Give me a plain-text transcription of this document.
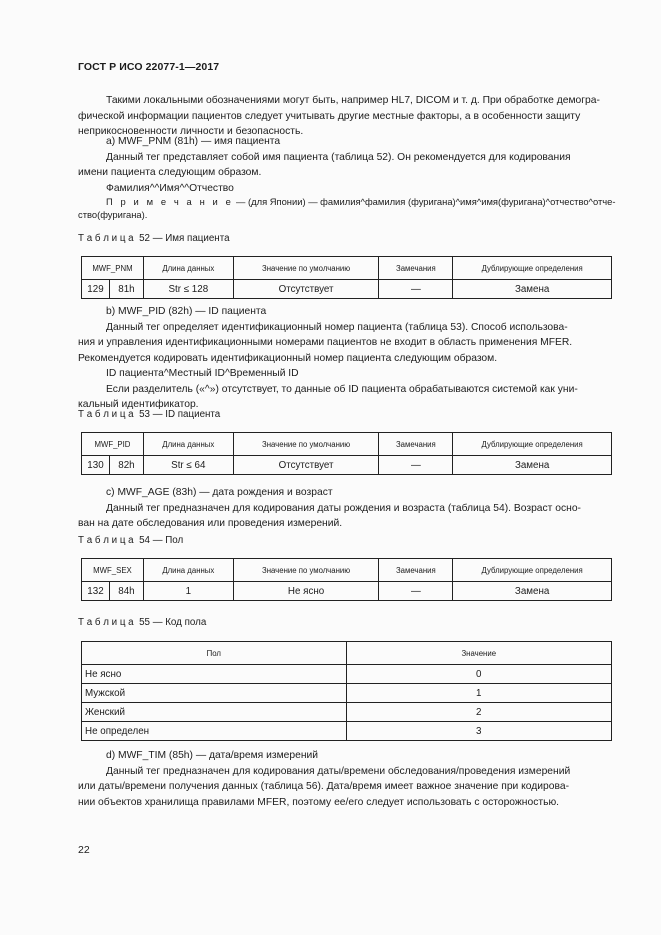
ГОСТ Р ИСО 22077-1—2017
Такими локальными обозначениями могут быть, например HL7, DICOM и т. д. При обработке демогра-
фической информации пациентов следует учитывать другие местные факторы, а в особенности защиту
неприкосновенности личности и безопасность.
а) MWF_PNM (81h) — имя пациента
Данный тег представляет собой имя пациента (таблица 52). Он рекомендуется для кодирования
имени пациента следующим образом.
Фамилия^^Имя^^Отчество
П р и м е ч а н и е — (для Японии) — фамилия^фамилия (фуригана)^имя^имя(фуригана)^отчество^отче-
ство(фуригана).
Т а б л и ц а 52 — Имя пациента
MWF_PNM		Длина данных	Значение по умолчанию	Замечания	Дублирующие определения
129	81h	Str ≤ 128	Отсутствует	—	Замена
b) MWF_PID (82h) — ID пациента
Данный тег определяет идентификационный номер пациента (таблица 53). Способ использова-
ния и управления идентификационными номерами пациентов не входит в область применения MFER.
Рекомендуется кодировать идентификационный номер пациента следующим образом.
ID пациента^Местный ID^Временный ID
Если разделитель («^») отсутствует, то данные об ID пациента обрабатываются системой как уни-
кальный идентификатор.
Т а б л и ц а 53 — ID пациента
MWF_PID		Длина данных	Значение по умолчанию	Замечания	Дублирующие определения
130	82h	Str ≤ 64	Отсутствует	—	Замена
c) MWF_AGE (83h) — дата рождения и возраст
Данный тег предназначен для кодирования даты рождения и возраста (таблица 54). Возраст осно-
ван на дате обследования или проведения измерений.
Т а б л и ц а 54 — Пол
MWF_SEX		Длина данных	Значение по умолчанию	Замечания	Дублирующие определения
132	84h	1	Не ясно	—	Замена
Т а б л и ц а 55 — Код пола
Пол	Значение
Не ясно	0
Мужской	1
Женский	2
Не определен	3
d) MWF_TIM (85h) — дата/время измерений
Данный тег предназначен для кодирования даты/времени обследования/проведения измерений
или даты/времени получения данных (таблица 56). Дата/время имеет важное значение при кодирова-
нии объектов хранилища правилами MFER, поэтому ее/его следует использовать с осторожностью.
22
